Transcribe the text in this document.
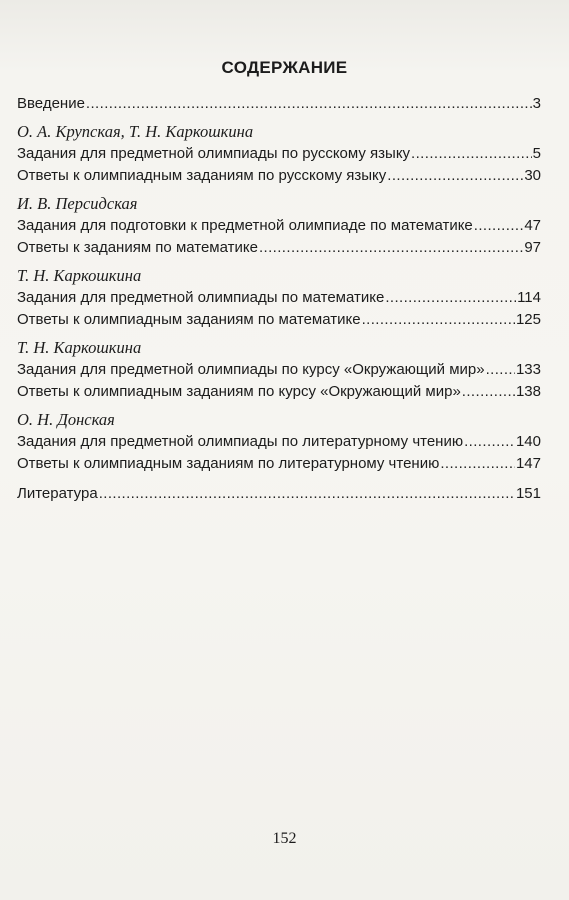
СОДЕРЖАНИЕ
Введение .....	3
О. А. Крупская, Т. Н. Каркошкина
Задания для предметной олимпиады по русскому языку .....	5
Ответы к олимпиадным заданиям по русскому языку .....	30
И. В. Персидская
Задания для подготовки к предметной олимпиаде по математике .....	47
Ответы к заданиям по математике .....	97
Т. Н. Каркошкина
Задания для предметной олимпиады по математике .....	114
Ответы к олимпиадным заданиям по математике .....	125
Т. Н. Каркошкина
Задания для предметной олимпиады по курсу «Окружающий мир» ..... 133
Ответы к олимпиадным заданиям по курсу «Окружающий мир» .....	138
О. Н. Донская
Задания для предметной олимпиады по литературному чтению .....	140
Ответы к олимпиадным заданиям по литературному чтению .....	147
Литература .....	151
152
